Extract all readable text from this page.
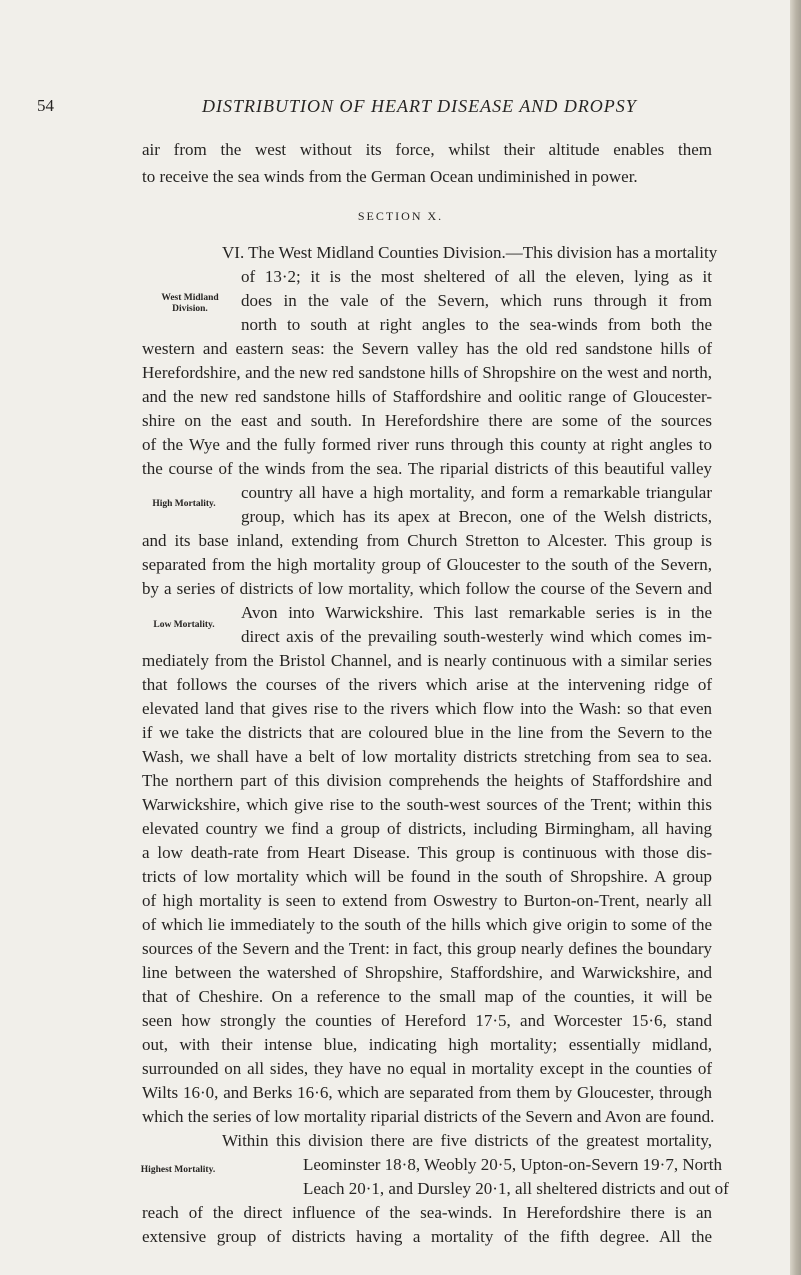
54	DISTRIBUTION OF HEART DISEASE AND DROPSY
air from the west without its force, whilst their altitude enables them
to receive the sea winds from the German Ocean undiminished in power.
SECTION X.
VI. The West Midland Counties Division.—This division has a mortality
of 13·2; it is the most sheltered of all the eleven, lying as it
does in the vale of the Severn, which runs through it from
north to south at right angles to the sea-winds from both the
western and eastern seas: the Severn valley has the old red sandstone hills of
Herefordshire, and the new red sandstone hills of Shropshire on the west and north,
and the new red sandstone hills of Staffordshire and oolitic range of Gloucester-
shire on the east and south. In Herefordshire there are some of the sources
of the Wye and the fully formed river runs through this county at right angles to
the course of the winds from the sea. The riparial districts of this beautiful valley
country all have a high mortality, and form a remarkable triangular
group, which has its apex at Brecon, one of the Welsh districts,
and its base inland, extending from Church Stretton to Alcester. This group is
separated from the high mortality group of Gloucester to the south of the Severn,
by a series of districts of low mortality, which follow the course of the Severn and
Avon into Warwickshire. This last remarkable series is in the
direct axis of the prevailing south-westerly wind which comes im-
mediately from the Bristol Channel, and is nearly continuous with a similar series
that follows the courses of the rivers which arise at the intervening ridge of
elevated land that gives rise to the rivers which flow into the Wash: so that even
if we take the districts that are coloured blue in the line from the Severn to the
Wash, we shall have a belt of low mortality districts stretching from sea to sea.
The northern part of this division comprehends the heights of Staffordshire and
Warwickshire, which give rise to the south-west sources of the Trent; within this
elevated country we find a group of districts, including Birmingham, all having
a low death-rate from Heart Disease. This group is continuous with those dis-
tricts of low mortality which will be found in the south of Shropshire. A group
of high mortality is seen to extend from Oswestry to Burton-on-Trent, nearly all
of which lie immediately to the south of the hills which give origin to some of the
sources of the Severn and the Trent: in fact, this group nearly defines the boundary
line between the watershed of Shropshire, Staffordshire, and Warwickshire, and
that of Cheshire. On a reference to the small map of the counties, it will be
seen how strongly the counties of Hereford 17·5, and Worcester 15·6, stand
out, with their intense blue, indicating high mortality; essentially midland,
surrounded on all sides, they have no equal in mortality except in the counties of
Wilts 16·0, and Berks 16·6, which are separated from them by Gloucester, through
which the series of low mortality riparial districts of the Severn and Avon are found.
Within this division there are five districts of the greatest mortality,
Leominster 18·8, Weobly 20·5, Upton-on-Severn 19·7, North
Leach 20·1, and Dursley 20·1, all sheltered districts and out of
reach of the direct influence of the sea-winds. In Herefordshire there is an
extensive group of districts having a mortality of the fifth degree. All the
West Midland
Division.
High Mortality.
Low Mortality.
Highest Mortality.
